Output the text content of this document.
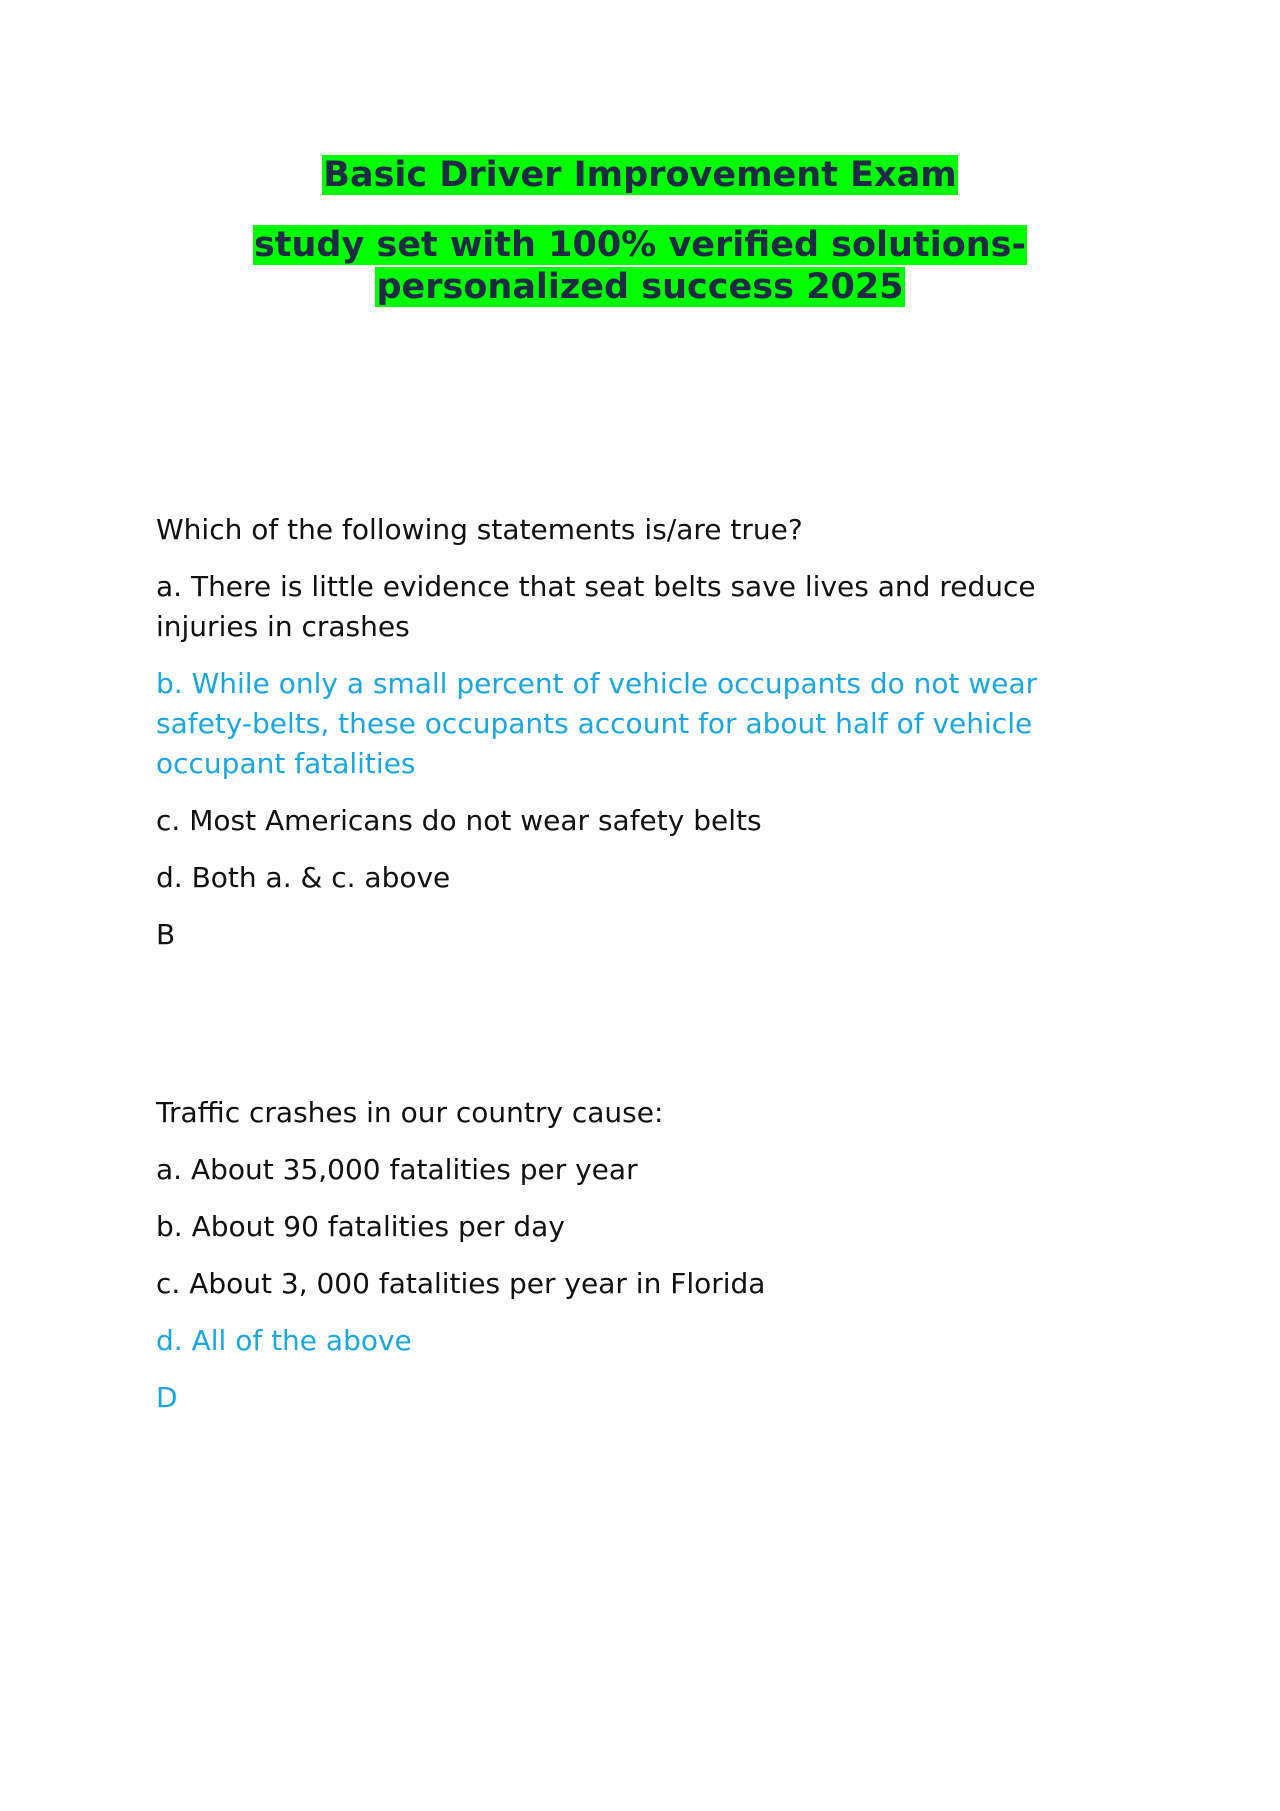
Basic Driver Improvement Exam
study set with 100% verified solutions-
personalized success 2025

Which of the following statements is/are true?

a. There is little evidence that seat belts save lives and reduce injuries in crashes

b. While only a small percent of vehicle occupants do not wear safety-belts, these occupants account for about half of vehicle occupant fatalities

c. Most Americans do not wear safety belts

d. Both a. & c. above

B

Traffic crashes in our country cause:

a. About 35,000 fatalities per year

b. About 90 fatalities per day

c. About 3, 000 fatalities per year in Florida

d. All of the above

D
